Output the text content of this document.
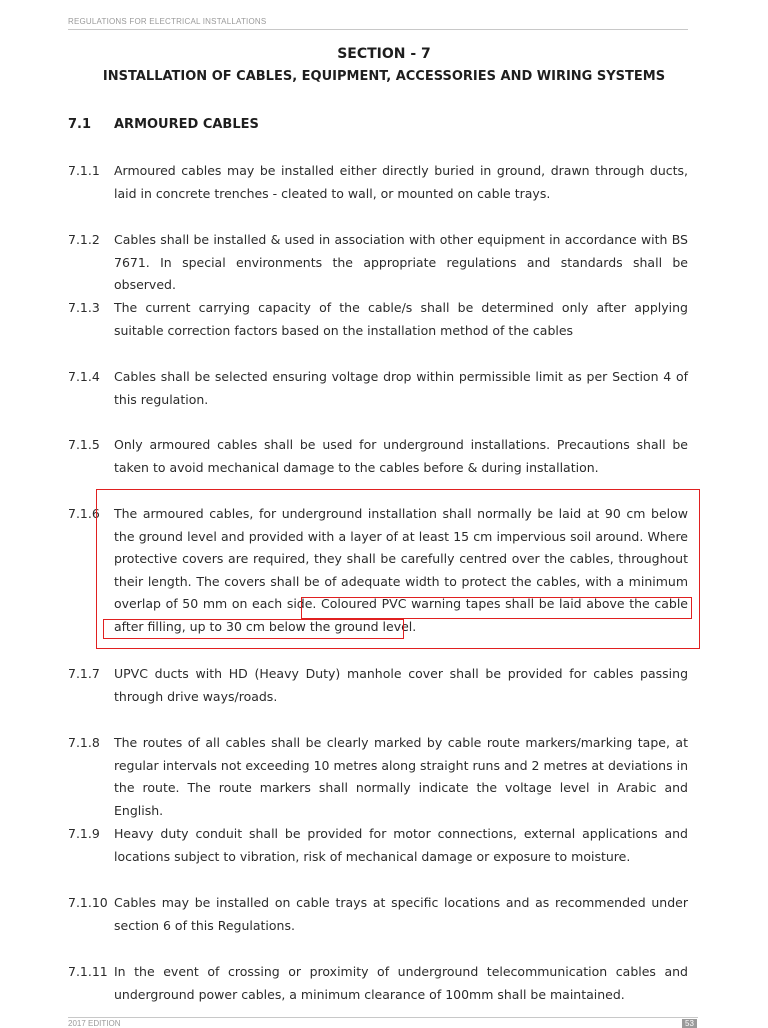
REGULATIONS FOR ELECTRICAL INSTALLATIONS
SECTION - 7
INSTALLATION OF CABLES, EQUIPMENT, ACCESSORIES AND WIRING SYSTEMS
7.1 ARMOURED CABLES
7.1.1 Armoured cables may be installed either directly buried in ground, drawn through ducts, laid in concrete trenches - cleated to wall, or mounted on cable trays.
7.1.2 Cables shall be installed & used in association with other equipment in accordance with BS 7671. In special environments the appropriate regulations and standards shall be observed.
7.1.3 The current carrying capacity of the cable/s shall be determined only after applying suitable correction factors based on the installation method of the cables
7.1.4 Cables shall be selected ensuring voltage drop within permissible limit as per Section 4 of this regulation.
7.1.5 Only armoured cables shall be used for underground installations. Precautions shall be taken to avoid mechanical damage to the cables before & during installation.
7.1.6 The armoured cables, for underground installation shall normally be laid at 90 cm below the ground level and provided with a layer of at least 15 cm impervious soil around. Where protective covers are required, they shall be carefully centred over the cables, throughout their length. The covers shall be of adequate width to protect the cables, with a minimum overlap of 50 mm on each side. Coloured PVC warning tapes shall be laid above the cable after filling, up to 30 cm below the ground level.
7.1.7 UPVC ducts with HD (Heavy Duty) manhole cover shall be provided for cables passing through drive ways/roads.
7.1.8 The routes of all cables shall be clearly marked by cable route markers/marking tape, at regular intervals not exceeding 10 metres along straight runs and 2 metres at deviations in the route. The route markers shall normally indicate the voltage level in Arabic and English.
7.1.9 Heavy duty conduit shall be provided for motor connections, external applications and locations subject to vibration, risk of mechanical damage or exposure to moisture.
7.1.10 Cables may be installed on cable trays at specific locations and as recommended under section 6 of this Regulations.
7.1.11 In the event of crossing or proximity of underground telecommunication cables and underground power cables, a minimum clearance of 100mm shall be maintained.
2017 EDITION	53
